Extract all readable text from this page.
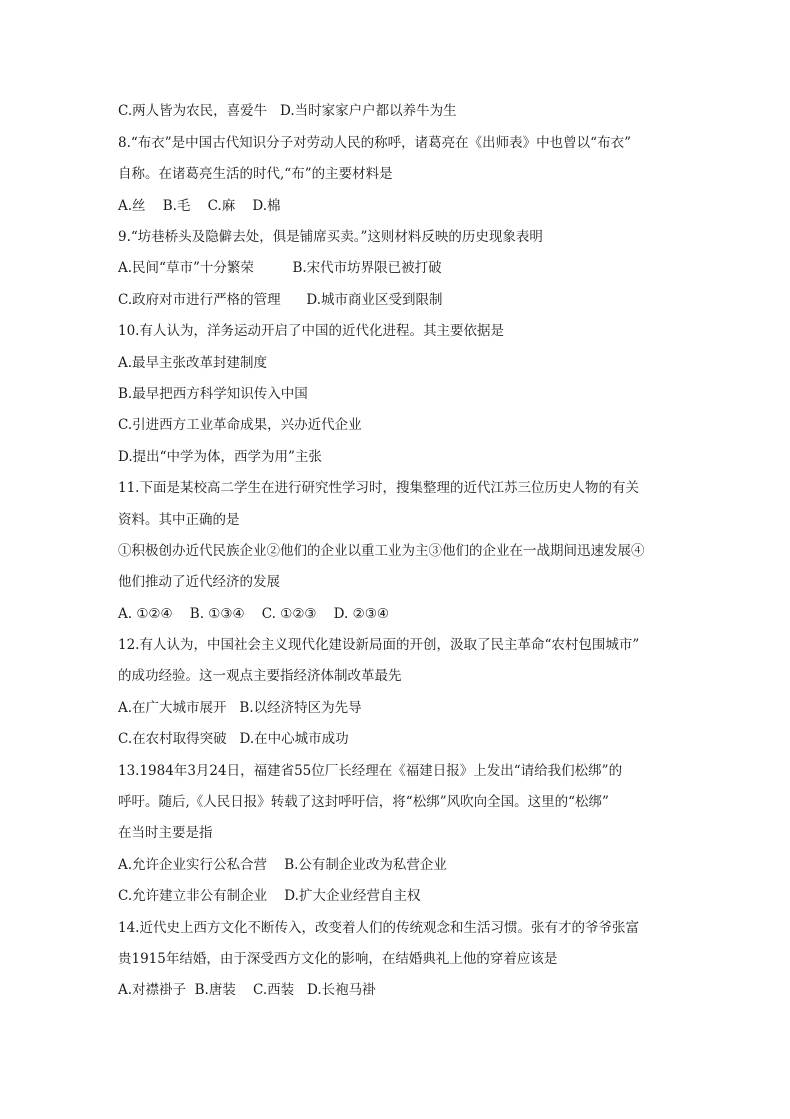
C.两人皆为农民，喜爱牛   D.当时家家户户都以养牛为生
8.“布衣”是中国古代知识分子对劳动人民的称呼，诸葛亮在《出师表》中也曾以“布衣”
自称。在诸葛亮生活的时代,“布”的主要材料是
A.丝    B.毛    C.麻    D.棉
9.“坊巷桥头及隐僻去处，俱是铺席买卖。”这则材料反映的历史现象表明
A.民间“草市”十分繁荣         B.宋代市坊界限已被打破
C.政府对市进行严格的管理      D.城市商业区受到限制
10.有人认为，洋务运动开启了中国的近代化进程。其主要依据是
A.最早主张改革封建制度
B.最早把西方科学知识传入中国
C.引进西方工业革命成果，兴办近代企业
D.提出“中学为体，西学为用”主张
11.下面是某校高二学生在进行研究性学习时，搜集整理的近代江苏三位历史人物的有关
资料。其中正确的是
①积极创办近代民族企业②他们的企业以重工业为主③他们的企业在一战期间迅速发展④
他们推动了近代经济的发展
A. ①②④    B. ①③④    C. ①②③    D. ②③④
12.有人认为，中国社会主义现代化建设新局面的开创，汲取了民主革命“农村包围城市”
的成功经验。这一观点主要指经济体制改革最先
A.在广大城市展开   B.以经济特区为先导
C.在农村取得突破   D.在中心城市成功
13.1984年3月24日，福建省55位厂长经理在《福建日报》上发出“请给我们松绑”的
呼吁。随后,《人民日报》转载了这封呼吁信，将“松绑”风吹向全国。这里的“松绑”
在当时主要是指
A.允许企业实行公私合营    B.公有制企业改为私营企业
C.允许建立非公有制企业    D.扩大企业经营自主权
14.近代史上西方文化不断传入，改变着人们的传统观念和生活习惯。张有才的爷爷张富
贵1915年结婚，由于深受西方文化的影响，在结婚典礼上他的穿着应该是
A.对襟褂子  B.唐装    C.西装   D.长袍马褂
